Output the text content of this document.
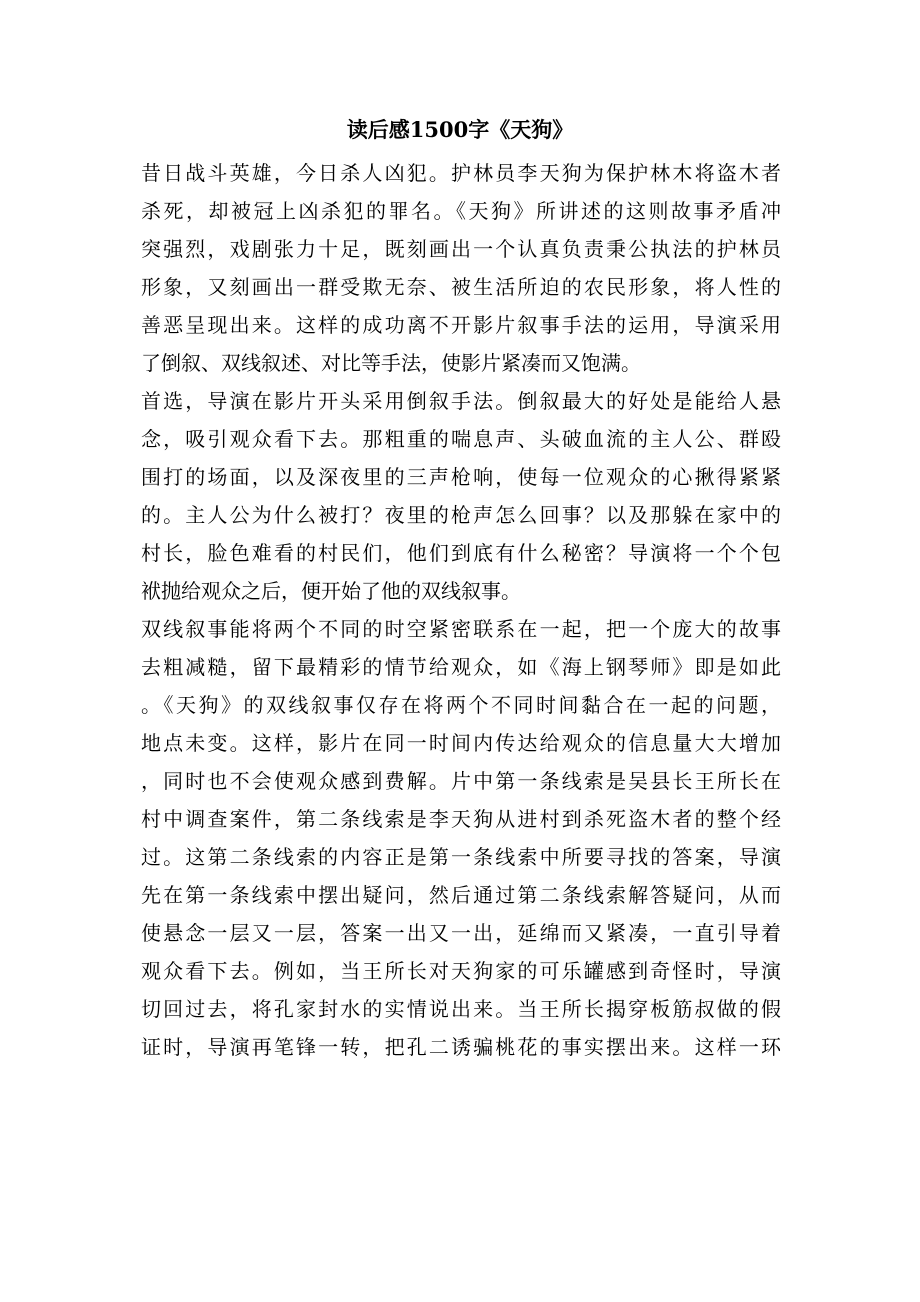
读后感1500字《天狗》
昔日战斗英雄，今日杀人凶犯。护林员李天狗为保护林木将盗木者
杀死，却被冠上凶杀犯的罪名。《天狗》所讲述的这则故事矛盾冲
突强烈，戏剧张力十足，既刻画出一个认真负责秉公执法的护林员
形象，又刻画出一群受欺无奈、被生活所迫的农民形象，将人性的
善恶呈现出来。这样的成功离不开影片叙事手法的运用，导演采用
了倒叙、双线叙述、对比等手法，使影片紧凑而又饱满。
首选，导演在影片开头采用倒叙手法。倒叙最大的好处是能给人悬
念，吸引观众看下去。那粗重的喘息声、头破血流的主人公、群殴
围打的场面，以及深夜里的三声枪响，使每一位观众的心揪得紧紧
的。主人公为什么被打？夜里的枪声怎么回事？以及那躲在家中的
村长，脸色难看的村民们，他们到底有什么秘密？导演将一个个包
袱抛给观众之后，便开始了他的双线叙事。
双线叙事能将两个不同的时空紧密联系在一起，把一个庞大的故事
去粗减糙，留下最精彩的情节给观众，如《海上钢琴师》即是如此
。《天狗》的双线叙事仅存在将两个不同时间黏合在一起的问题，
地点未变。这样，影片在同一时间内传达给观众的信息量大大增加
，同时也不会使观众感到费解。片中第一条线索是吴县长王所长在
村中调查案件，第二条线索是李天狗从进村到杀死盗木者的整个经
过。这第二条线索的内容正是第一条线索中所要寻找的答案，导演
先在第一条线索中摆出疑问，然后通过第二条线索解答疑问，从而
使悬念一层又一层，答案一出又一出，延绵而又紧凑，一直引导着
观众看下去。例如，当王所长对天狗家的可乐罐感到奇怪时，导演
切回过去，将孔家封水的实情说出来。当王所长揭穿板筋叔做的假
证时，导演再笔锋一转，把孔二诱骗桃花的事实摆出来。这样一环
